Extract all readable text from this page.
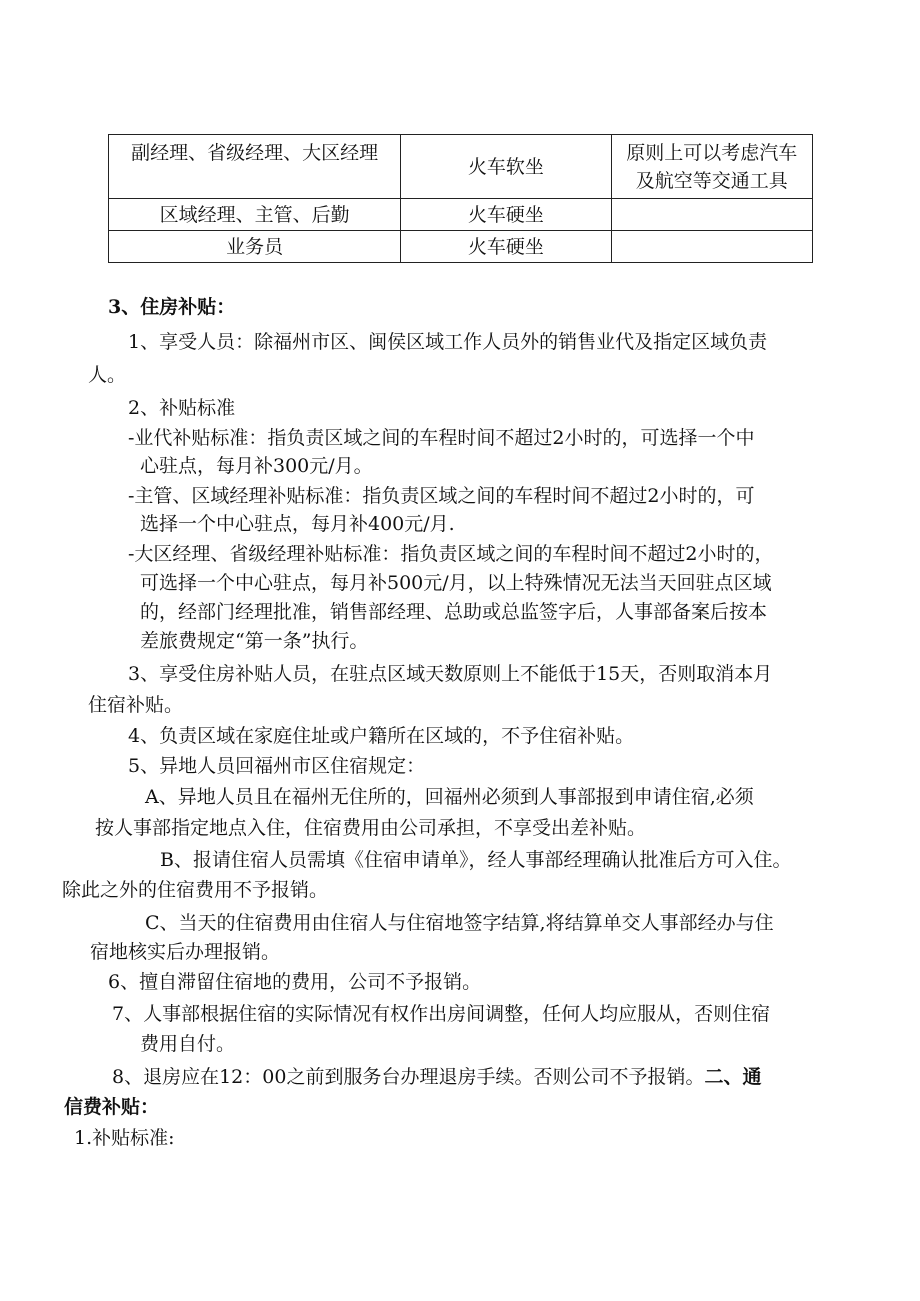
副经理、省级经理、大区经理	火车软坐	原则上可以考虑汽车
及航空等交通工具

区域经理、主管、后勤	火车硬坐	
业务员	火车硬坐	
3、住房补贴：
1、享受人员：除福州市区、闽侯区域工作人员外的销售业代及指定区域负责
人。
2、补贴标准
-业代补贴标准：指负责区域之间的车程时间不超过2小时的，可选择一个中
心驻点，每月补300元/月。
-主管、区域经理补贴标准：指负责区域之间的车程时间不超过2小时的，可
选择一个中心驻点，每月补400元/月.
-大区经理、省级经理补贴标准：指负责区域之间的车程时间不超过2小时的，
可选择一个中心驻点，每月补500元/月，以上特殊情况无法当天回驻点区域
的，经部门经理批准，销售部经理、总助或总监签字后，人事部备案后按本
差旅费规定“第一条”执行。
3、享受住房补贴人员，在驻点区域天数原则上不能低于15天，否则取消本月
住宿补贴。
4、负责区域在家庭住址或户籍所在区域的，不予住宿补贴。
5、异地人员回福州市区住宿规定：
A、异地人员且在福州无住所的，回福州必须到人事部报到申请住宿,必须
按人事部指定地点入住，住宿费用由公司承担，不享受出差补贴。
B、报请住宿人员需填《住宿申请单》，经人事部经理确认批准后方可入住。
除此之外的住宿费用不予报销。
C、当天的住宿费用由住宿人与住宿地签字结算,将结算单交人事部经办与住
宿地核实后办理报销。
6、擅自滞留住宿地的费用，公司不予报销。
7、人事部根据住宿的实际情况有权作出房间调整，任何人均应服从，否则住宿
费用自付。
8、退房应在12：00之前到服务台办理退房手续。否则公司不予报销。二、通
信费补贴：
1.补贴标准:
